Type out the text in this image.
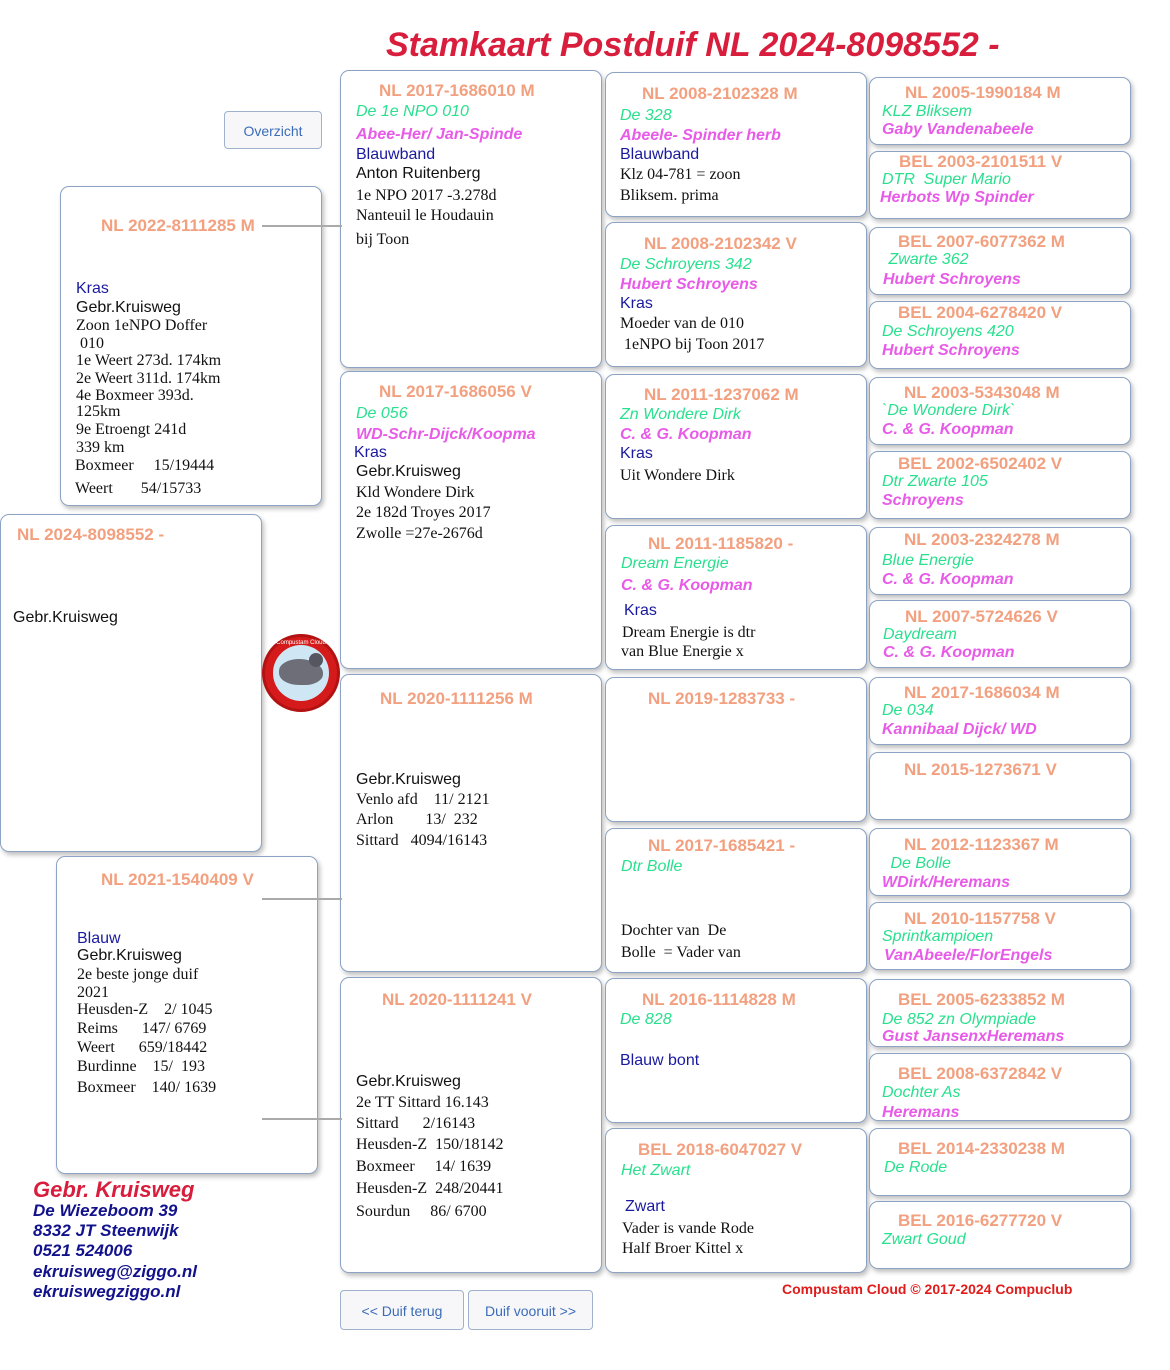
Stamkaart Postduif NL 2024-8098552 -
Overzicht
NL 2024-8098552 -
Gebr.Kruisweg
NL 2022-8111285 M
Kras
Gebr.Kruisweg
Zoon 1eNPO Doffer
010
1e Weert 273d. 174km
2e Weert 311d. 174km
4e Boxmeer 393d.
125km
9e Etroengt 241d
339 km
Boxmeer     15/19444
Weert       54/15733
NL 2021-1540409 V
Blauw
Gebr.Kruisweg
2e beste jonge duif
2021
Heusden-Z    2/ 1045
Reims      147/ 6769
Weert      659/18442
Burdinne    15/  193
Boxmeer    140/ 1639
NL 2017-1686010 M
De 1e NPO 010
Abee-Her/ Jan-Spinde
Blauwband
Anton Ruitenberg
1e NPO 2017 -3.278d
Nanteuil le Houdauin
bij Toon
NL 2017-1686056 V
De 056
WD-Schr-Dijck/Koopma
Kras
Gebr.Kruisweg
Kld Wondere Dirk
2e 182d Troyes 2017
Zwolle =27e-2676d
NL 2020-1111256 M
Gebr.Kruisweg
Venlo afd    11/ 2121
Arlon        13/  232
Sittard   4094/16143
NL 2020-1111241 V
Gebr.Kruisweg
2e TT Sittard 16.143
Sittard      2/16143
Heusden-Z  150/18142
Boxmeer     14/ 1639
Heusden-Z  248/20441
Sourdun     86/ 6700
NL 2008-2102328 M
De 328
Abeele- Spinder herb
Blauwband
Klz 04-781 = zoon
Bliksem. prima
NL 2008-2102342 V
De Schroyens 342
Hubert Schroyens
Kras
Moeder van de 010
1eNPO bij Toon 2017
NL 2011-1237062 M
Zn Wondere Dirk
C. & G. Koopman
Kras
Uit Wondere Dirk
NL 2011-1185820 -
Dream Energie
C. & G. Koopman
Kras
Dream Energie is dtr
van Blue Energie x
NL 2019-1283733 -
NL 2017-1685421 -
Dtr Bolle
Dochter van  De
Bolle  = Vader van
NL 2016-1114828 M
De 828
Blauw bont
BEL 2018-6047027 V
Het Zwart
Zwart
Vader is vande Rode
Half Broer Kittel x
NL 2005-1990184 M
KLZ Bliksem
Gaby Vandenabeele
BEL 2003-2101511 V
DTR  Super Mario
Herbots Wp Spinder
BEL 2007-6077362 M
Zwarte 362
Hubert Schroyens
BEL 2004-6278420 V
De Schroyens 420
Hubert Schroyens
NL 2003-5343048 M
`De Wondere Dirk`
C. & G. Koopman
BEL 2002-6502402 V
Dtr Zwarte 105
Schroyens
NL 2003-2324278 M
Blue Energie
C. & G. Koopman
NL 2007-5724626 V
Daydream
C. & G. Koopman
NL 2017-1686034 M
De 034
Kannibaal Dijck/ WD
NL 2015-1273671 V
NL 2012-1123367 M
De Bolle
WDirk/Heremans
NL 2010-1157758 V
Sprintkampioen
VanAbeele/FlorEngels
BEL 2005-6233852 M
De 852 zn Olympiade
Gust JansenxHeremans
BEL 2008-6372842 V
Dochter As
Heremans
BEL 2014-2330238 M
De Rode
BEL 2016-6277720 V
Zwart Goud
Compustam Cloud
<< Duif terug	Duif vooruit >>
Gebr. Kruisweg
De Wiezeboom 39
8332 JT Steenwijk
0521 524006
ekruisweg@ziggo.nl
ekruiswegziggo.nl	Compustam Cloud © 2017-2024 Compuclub
